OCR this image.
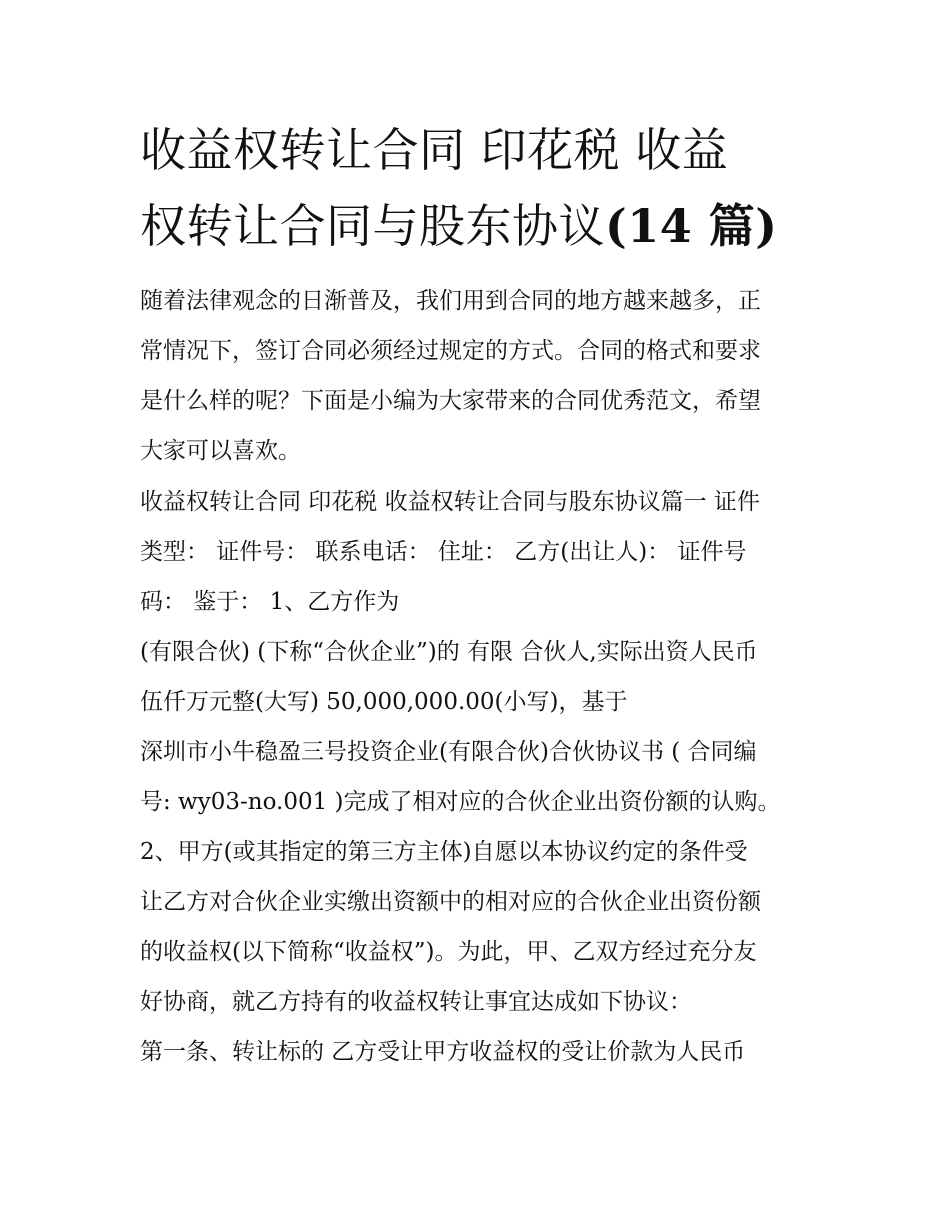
收益权转让合同 印花税 收益
权转让合同与股东协议(14 篇)
随着法律观念的日渐普及，我们用到合同的地方越来越多，正
常情况下，签订合同必须经过规定的方式。合同的格式和要求
是什么样的呢？下面是小编为大家带来的合同优秀范文，希望
大家可以喜欢。
收益权转让合同 印花税 收益权转让合同与股东协议篇一 证件
类型： 证件号： 联系电话： 住址： 乙方(出让人)： 证件号
码： 鉴于： 1、乙方作为
(有限合伙) (下称“合伙企业”)的 有限 合伙人,实际出资人民币
伍仟万元整(大写) 50,000,000.00(小写)，基于
深圳市小牛稳盈三号投资企业(有限合伙)合伙协议书 ( 合同编
号: wy03-no.001 )完成了相对应的合伙企业出资份额的认购。
2、甲方(或其指定的第三方主体)自愿以本协议约定的条件受
让乙方对合伙企业实缴出资额中的相对应的合伙企业出资份额
的收益权(以下简称“收益权”)。为此，甲、乙双方经过充分友
好协商，就乙方持有的收益权转让事宜达成如下协议：
第一条、转让标的 乙方受让甲方收益权的受让价款为人民币
